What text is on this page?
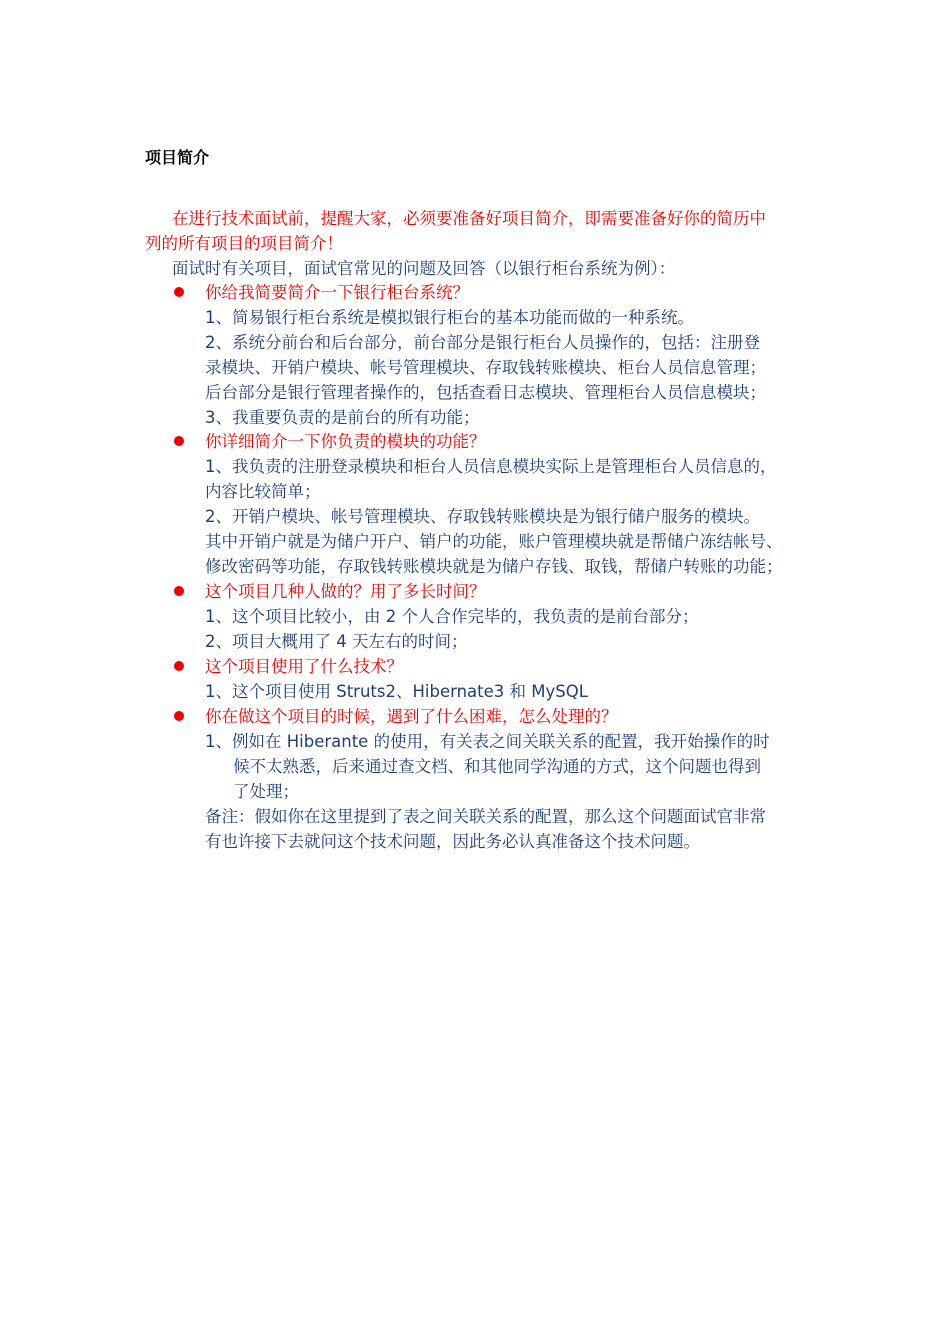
项目简介
在进行技术面试前，提醒大家，必须要准备好项目简介，即需要准备好你的简历中
列的所有项目的项目简介！
面试时有关项目，面试官常见的问题及回答（以银行柜台系统为例）：
你给我简要简介一下银行柜台系统？
1、简易银行柜台系统是模拟银行柜台的基本功能而做的一种系统。
2、系统分前台和后台部分，前台部分是银行柜台人员操作的，包括：注册登
录模块、开销户模块、帐号管理模块、存取钱转账模块、柜台人员信息管理；
后台部分是银行管理者操作的，包括查看日志模块、管理柜台人员信息模块；
3、我重要负责的是前台的所有功能；
你详细简介一下你负责的模块的功能？
1、我负责的注册登录模块和柜台人员信息模块实际上是管理柜台人员信息的，
内容比较简单；
2、开销户模块、帐号管理模块、存取钱转账模块是为银行储户服务的模块。
其中开销户就是为储户开户、销户的功能，账户管理模块就是帮储户冻结帐号、
修改密码等功能，存取钱转账模块就是为储户存钱、取钱，帮储户转账的功能；
这个项目几种人做的？用了多长时间？
1、这个项目比较小，由 2 个人合作完毕的，我负责的是前台部分；
2、项目大概用了 4 天左右的时间；
这个项目使用了什么技术？
1、这个项目使用 Struts2、Hibernate3 和 MySQL
你在做这个项目的时候，遇到了什么困难，怎么处理的？
1、例如在 Hiberante 的使用，有关表之间关联关系的配置，我开始操作的时
候不太熟悉，后来通过查文档、和其他同学沟通的方式，这个问题也得到
了处理；
备注：假如你在这里提到了表之间关联关系的配置，那么这个问题面试官非常
有也许接下去就问这个技术问题，因此务必认真准备这个技术问题。
